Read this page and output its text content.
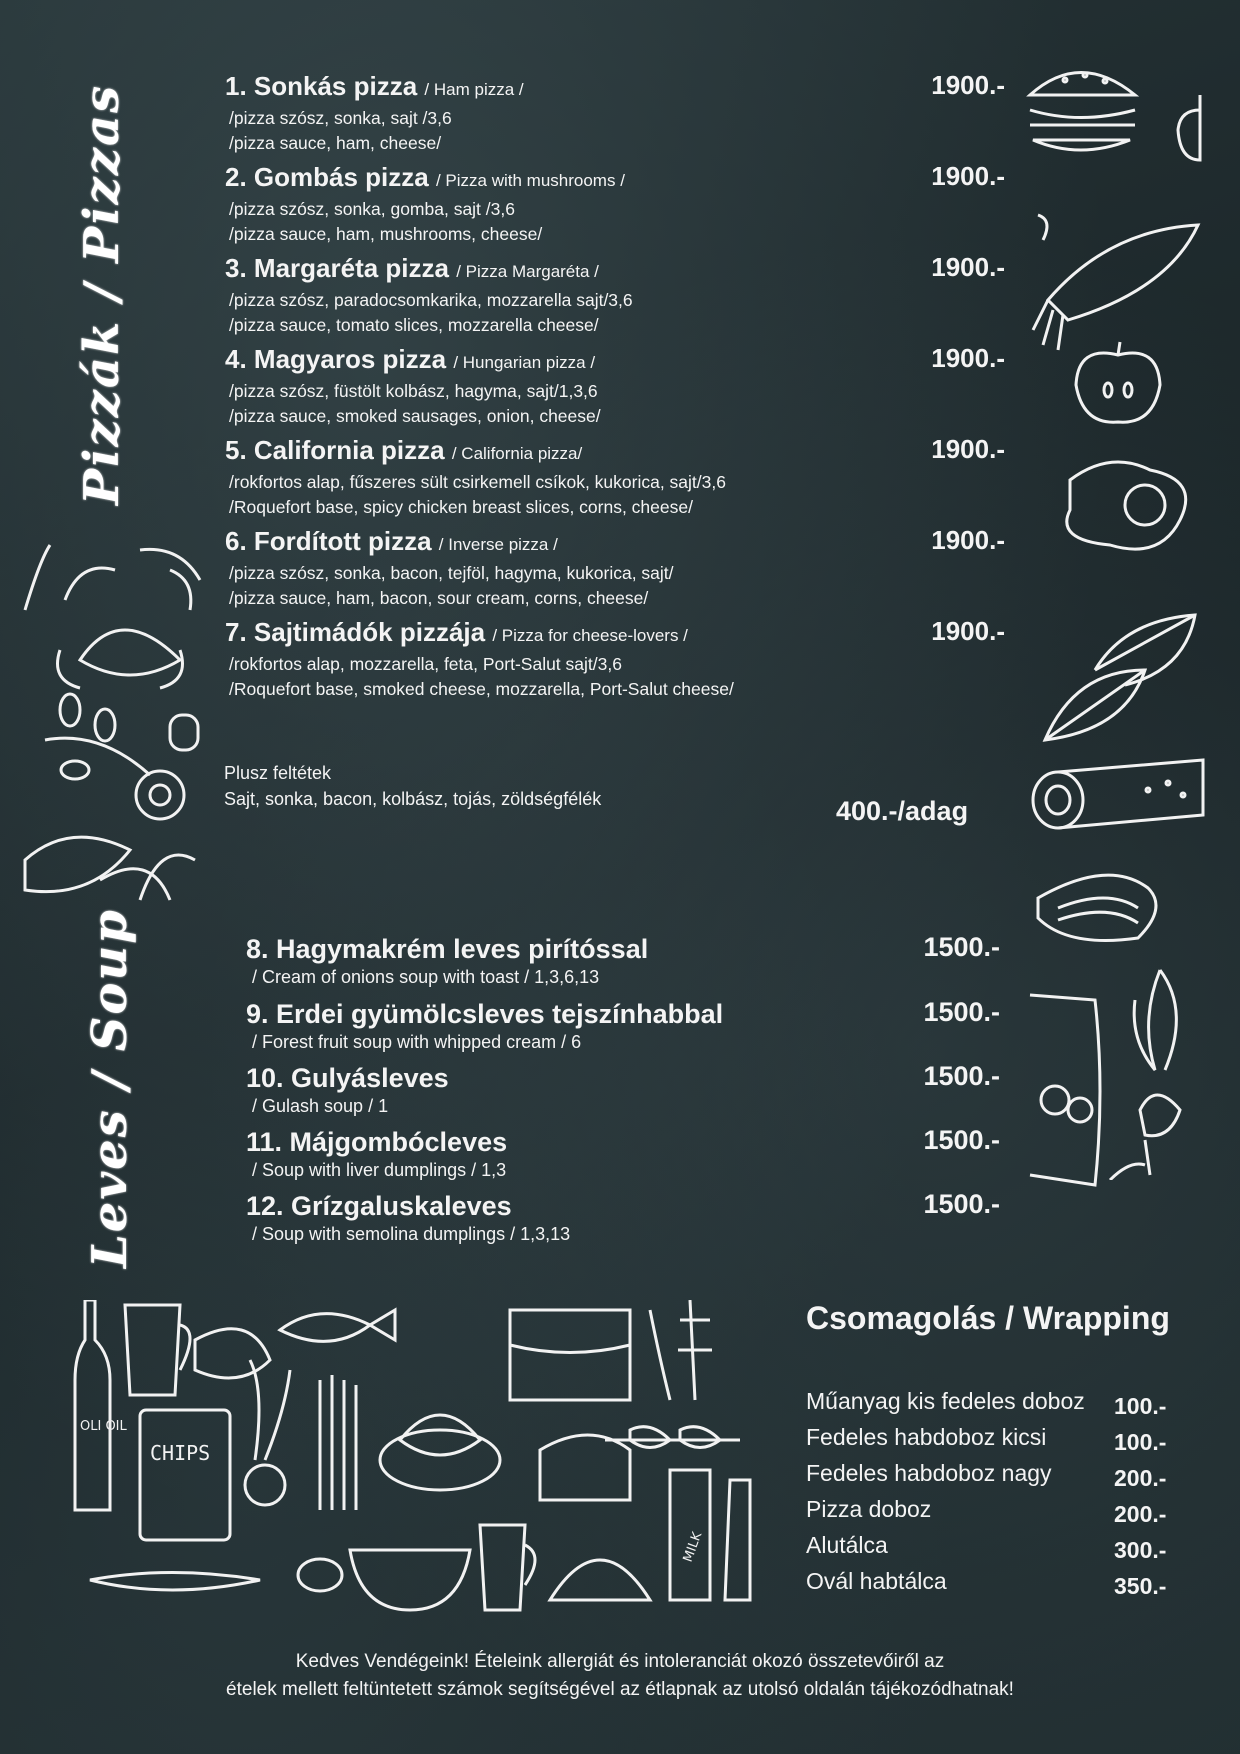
Pizzák / Pizzas
Leves / Soup
1. Sonkás pizza / Ham pizza /
/pizza szósz, sonka, sajt /3,6
/pizza sauce, ham, cheese/
1900.-
2. Gombás pizza / Pizza with mushrooms /
/pizza szósz, sonka, gomba, sajt /3,6
/pizza sauce, ham, mushrooms, cheese/
1900.-
3. Margaréta pizza / Pizza Margaréta /
/pizza szósz, paradocsomkarika, mozzarella sajt/3,6
/pizza sauce, tomato slices, mozzarella cheese/
1900.-
4. Magyaros pizza / Hungarian pizza /
/pizza szósz, füstölt kolbász, hagyma, sajt/1,3,6
/pizza sauce, smoked sausages, onion, cheese/
1900.-
5. California pizza / California pizza/
/rokfortos alap, fűszeres sült csirkemell csíkok, kukorica, sajt/3,6
/Roquefort base, spicy chicken breast slices, corns, cheese/
1900.-
6. Fordított pizza / Inverse pizza /
/pizza szósz, sonka, bacon, tejföl, hagyma, kukorica, sajt/
/pizza sauce, ham, bacon, sour cream, corns, cheese/
1900.-
7. Sajtimádók pizzája / Pizza for cheese-lovers /
/rokfortos alap, mozzarella, feta, Port-Salut sajt/3,6
/Roquefort base, smoked cheese, mozzarella, Port-Salut cheese/
1900.-
Plusz feltétek
Sajt, sonka, bacon, kolbász, tojás, zöldségfélék	400.-/adag
8. Hagymakrém leves pirítóssal
/ Cream of onions soup with toast / 1,3,6,13
1500.-
9. Erdei gyümölcsleves tejszínhabbal
/ Forest fruit soup with whipped cream / 6
1500.-
10. Gulyásleves
/ Gulash soup / 1
1500.-
11. Májgombócleves
/ Soup with liver dumplings / 1,3
1500.-
12. Grízgaluskaleves
/ Soup with semolina dumplings / 1,3,13
1500.-
Csomagolás / Wrapping
Műanyag kis fedeles doboz 100.-
Fedeles habdoboz kicsi	100.-
Fedeles habdoboz nagy	200.-
Pizza doboz	200.-
Alutálca	300.-
Ovál habtálca	350.-
Kedves Vendégeink! Ételeink allergiát és intoleranciát okozó összetevőiről az
ételek mellett feltüntetett számok segítségével az étlapnak az utolsó oldalán tájékozódhatnak!
OLI OIL
CHIPS
MILK
